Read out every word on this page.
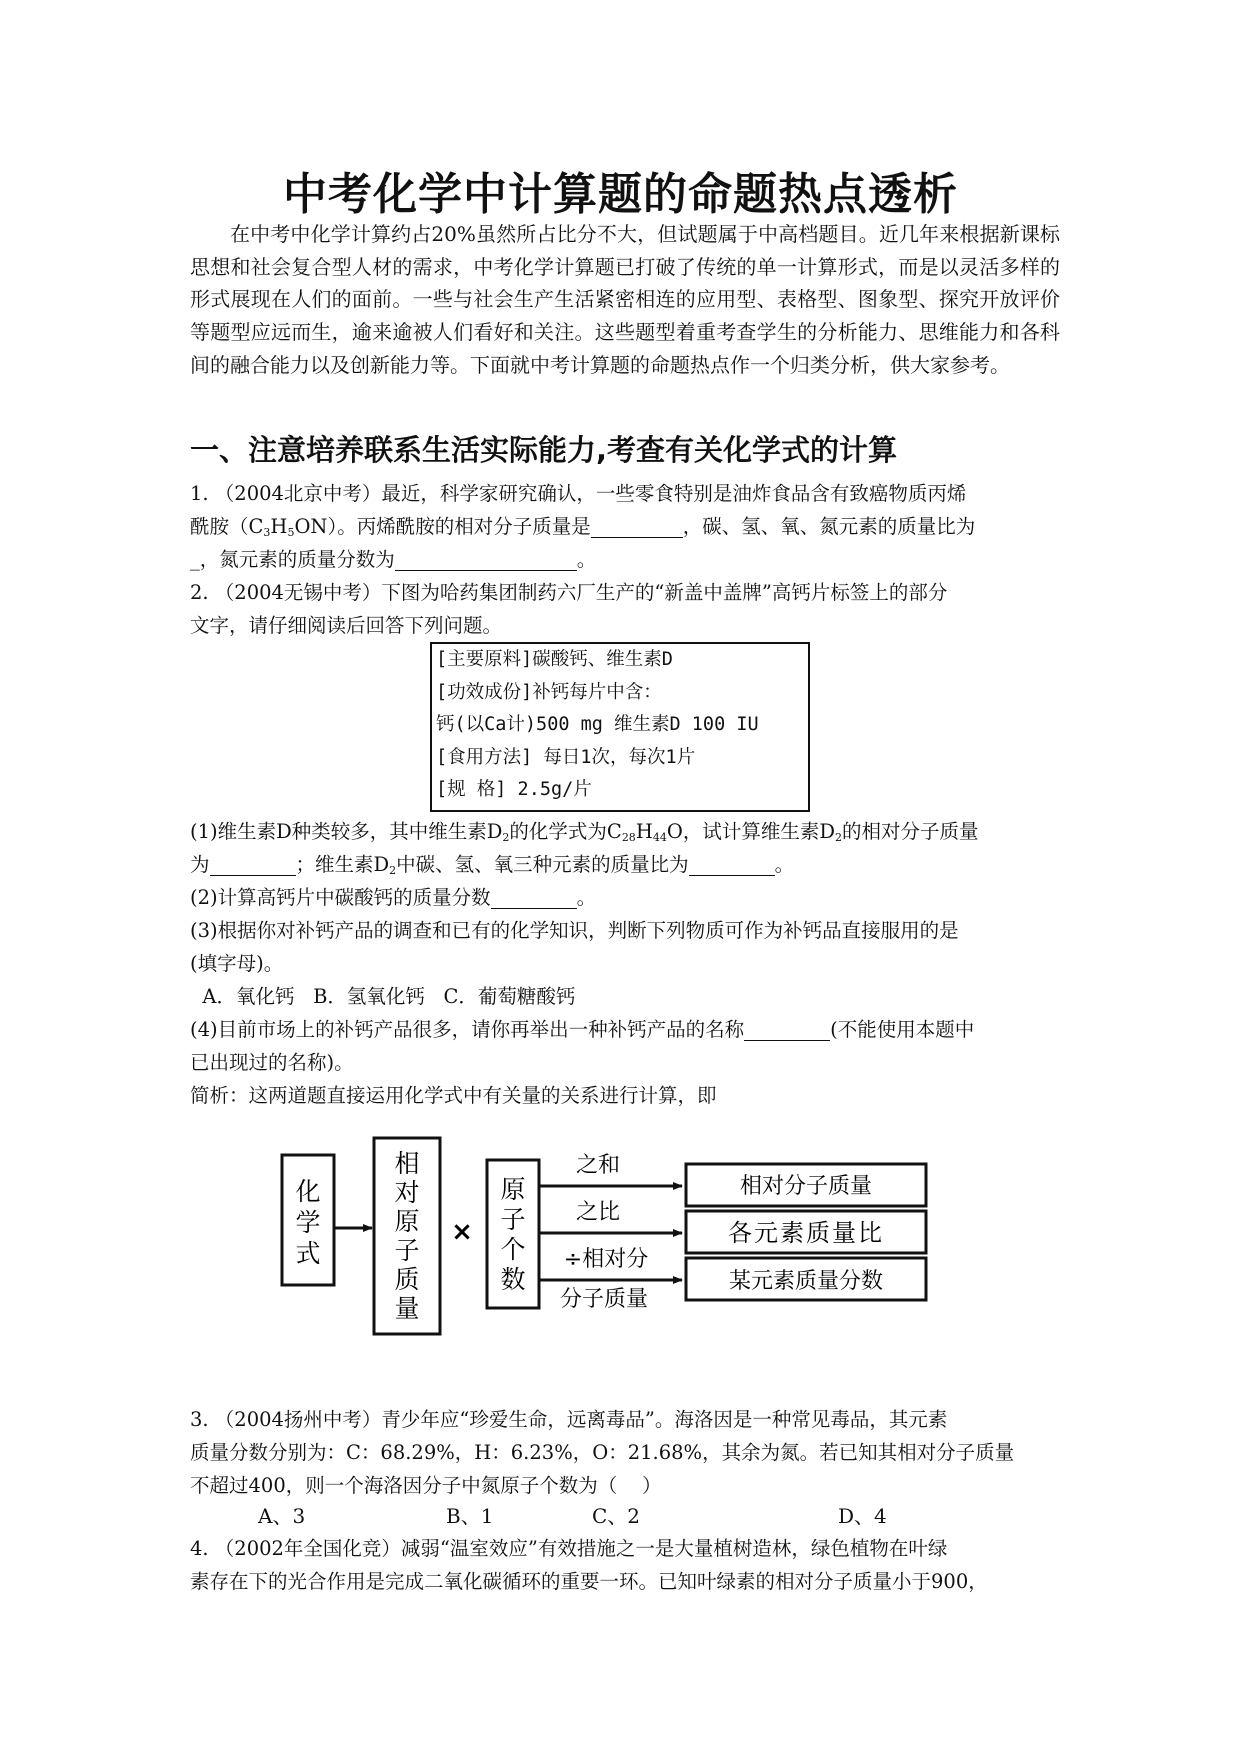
中考化学中计算题的命题热点透析

在中考中化学计算约占20%虽然所占比分不大，但试题属于中高档题目。近几年来根据新课标思想和社会复合型人材的需求，中考化学计算题已打破了传统的单一计算形式，而是以灵活多样的形式展现在人们的面前。一些与社会生产生活紧密相连的应用型、表格型、图象型、探究开放评价等题型应远而生，逾来逾被人们看好和关注。这些题型着重考查学生的分析能力、思维能力和各科间的融合能力以及创新能力等。下面就中考计算题的命题热点作一个归类分析，供大家参考。

一、注意培养联系生活实际能力,考查有关化学式的计算
1. （2004北京中考）最近，科学家研究确认，一些零食特别是油炸食品含有致癌物质丙烯
酰胺$(C_3H_5ON)$。丙烯酰胺的相对分子质量是	，碳、氢、氧、氮元素的质量比为
_，氮元素的质量分数为	。
2. （2004无锡中考）下图为哈药集团制药六厂生产的“新盖中盖牌”高钙片标签上的部分
文字，请仔细阅读后回答下列问题。
[主要原料]碳酸钙、维生素D
[功效成份]补钙每片中含：
钙(以Ca计)500 mg 维生素D 100 IU
[食用方法] 每日1次，每次1片
[规 格] 2.5g/片
(1)维生素D种类较多，其中维生素$D_2$的化学式为$C_{28}H_{44}O$，试计算维生素$D_2$的相对分子质量
为	；维生素$D_2$中碳、氢、氧三种元素的质量比为	。
(2)计算高钙片中碳酸钙的质量分数	。
(3)根据你对补钙产品的调查和已有的化学知识，判断下列物质可作为补钙品直接服用的是
(填字母)。
A．氧化钙   B．氢氧化钙   C．葡萄糖酸钙
(4)目前市场上的补钙产品很多，请你再举出一种补钙产品的名称	(不能使用本题中
已出现过的名称)。
简析：这两道题直接运用化学式中有关量的关系进行计算，即
化
学
式
相
对
原
子
质
量
×
原
子
个
数
之和
之比
÷相对分
分子质量
相对分子质量
各元素质量比
某元素质量分数
3. （2004扬州中考）青少年应“珍爱生命，远离毒品”。海洛因是一种常见毒品，其元素
质量分数分别为：C：68.29%，H：6.23%，O：21.68%，其余为氮。若已知其相对分子质量
不超过400，则一个海洛因分子中氮原子个数为（    ）
A、3	B、1	C、2	D、4
4. （2002年全国化竞）减弱“温室效应”有效措施之一是大量植树造林，绿色植物在叶绿
素存在下的光合作用是完成二氧化碳循环的重要一环。已知叶绿素的相对分子质量小于900，
